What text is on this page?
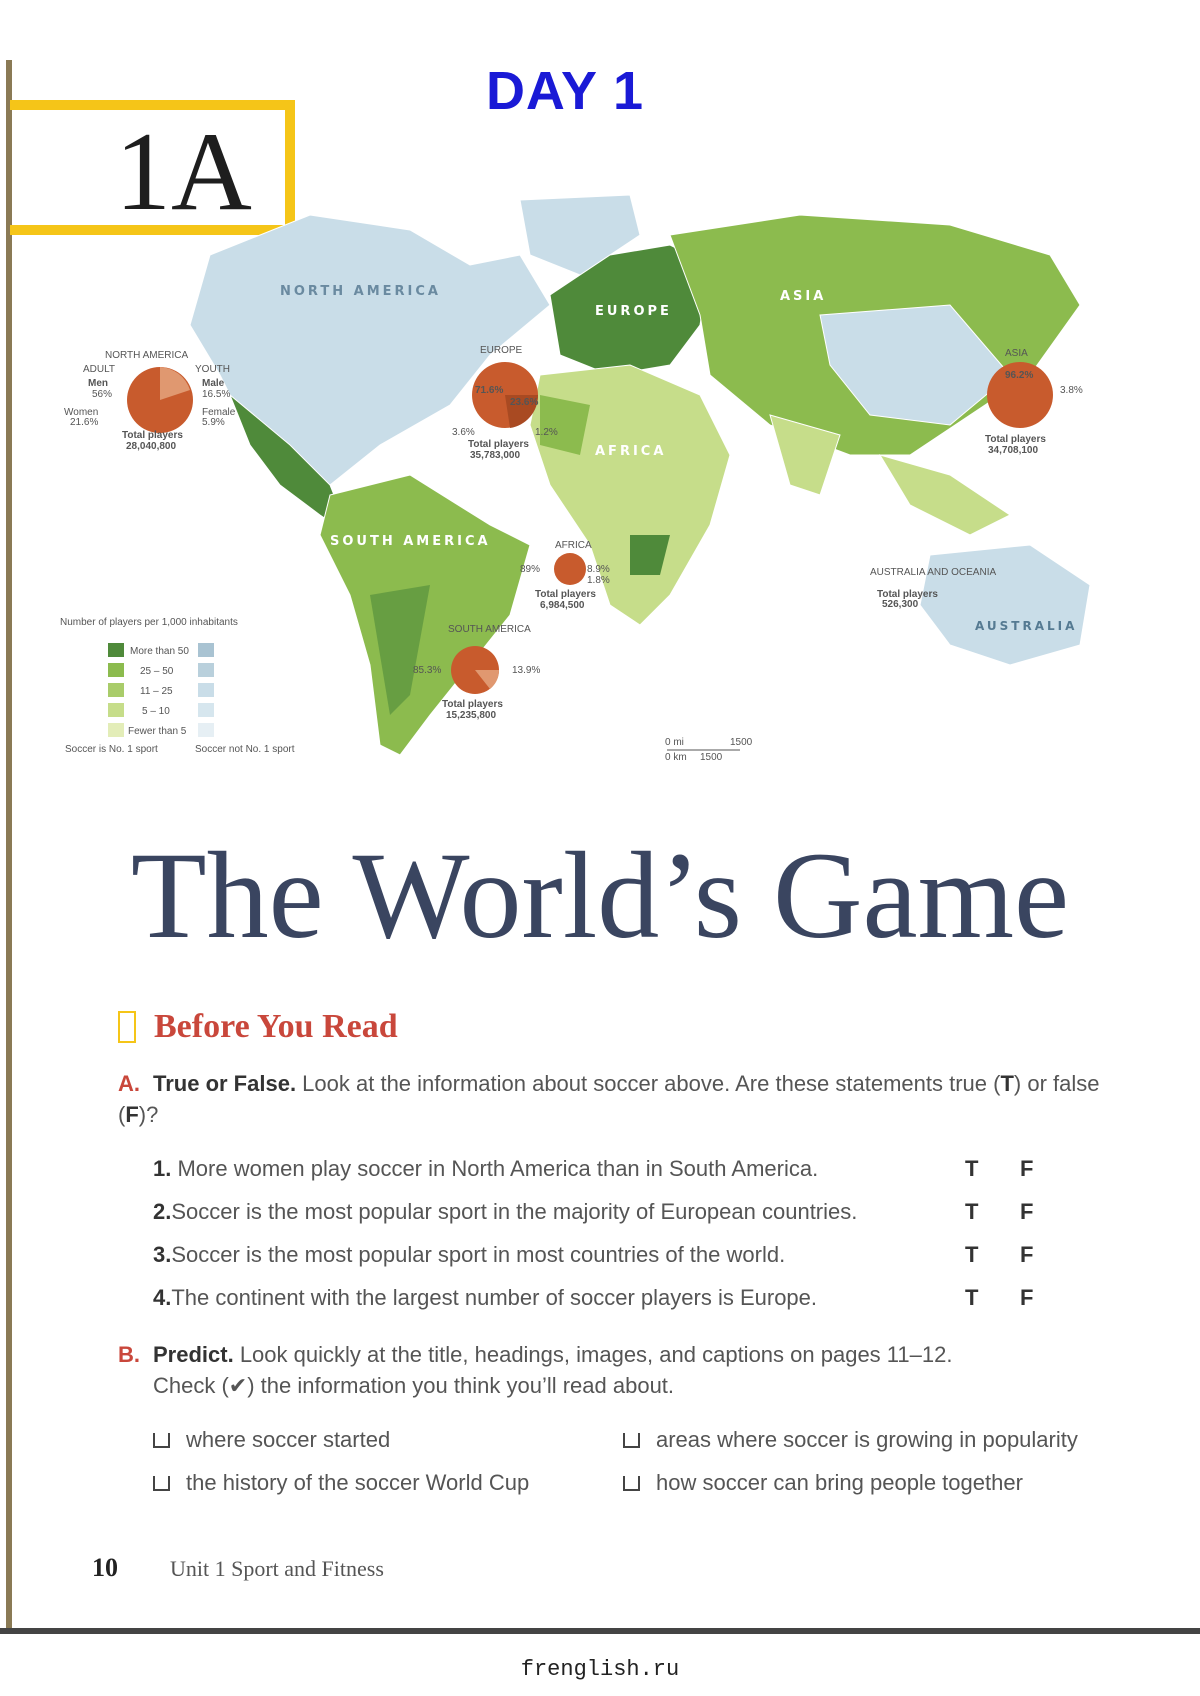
DAY 1
1A
NORTH AMERICA
EUROPE
ASIA
AFRICA
SOUTH AMERICA
AUSTRALIA
NORTH AMERICA
ADULT	YOUTH
Men
56%
Women
21.6%
Male
16.5%
Female
5.9%
Total players
28,040,800
EUROPE
71.6%
23.6%
3.6%	1.2%
Total players
35,783,000
ASIA
96.2%
3.8%
Total players
34,708,100
AFRICA
89%	8.9%
1.8%
Total players
6,984,500
AUSTRALIA AND OCEANIA
Total players
526,300
SOUTH AMERICA
85.3%	13.9%
Total players
15,235,800
Number of players per 1,000 inhabitants
More than 50
25 – 50
11 – 25
5 – 10
Fewer than 5
Soccer is No. 1 sport	Soccer not No. 1 sport
0 mi	1500
0 km 1500
The World’s Game
Before You Read
A. True or False. Look at the information about soccer above. Are these statements true (T) or false (F)?
1. More women play soccer in North America than in South America.	T F
2.Soccer is the most popular sport in the majority of European countries.	T F
3.Soccer is the most popular sport in most countries of the world.	T F
4.The continent with the largest number of soccer players is Europe.	T F
B. Predict. Look quickly at the title, headings, images, and captions on pages 11–12.
Check (✔) the information you think you’ll read about.
where soccer started
the history of the soccer World Cup
areas where soccer is growing in popularity
how soccer can bring people together
10 Unit 1 Sport and Fitness
frenglish.ru
